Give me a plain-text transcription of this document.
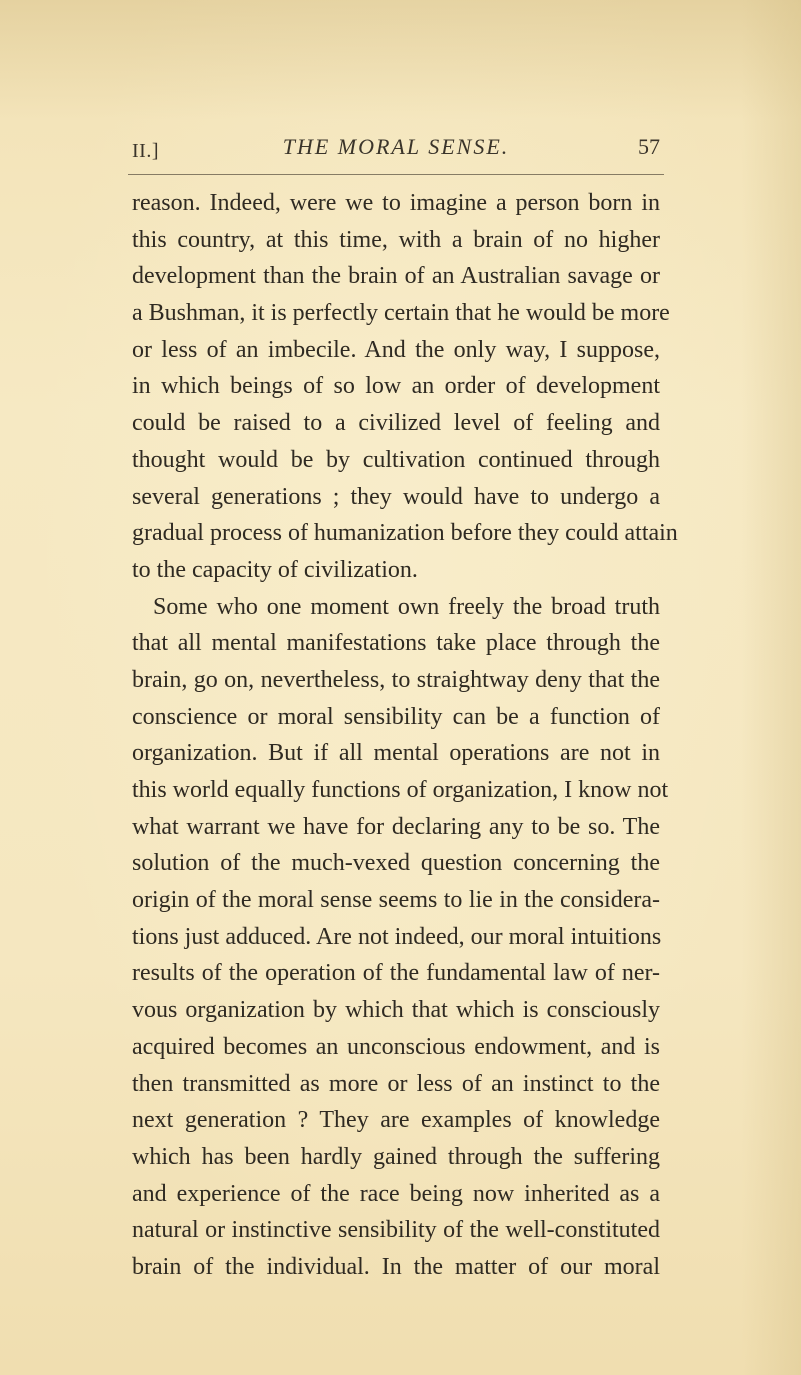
II.]	THE MORAL SENSE.	57
reason. Indeed, were we to imagine a person born in
this country, at this time, with a brain of no higher
development than the brain of an Australian savage or
a Bushman, it is perfectly certain that he would be more
or less of an imbecile. And the only way, I suppose,
in which beings of so low an order of development
could be raised to a civilized level of feeling and
thought would be by cultivation continued through
several generations ; they would have to undergo a
gradual process of humanization before they could attain
to the capacity of civilization.
Some who one moment own freely the broad truth
that all mental manifestations take place through the
brain, go on, nevertheless, to straightway deny that the
conscience or moral sensibility can be a function of
organization. But if all mental operations are not in
this world equally functions of organization, I know not
what warrant we have for declaring any to be so. The
solution of the much-vexed question concerning the
origin of the moral sense seems to lie in the considera-
tions just adduced. Are not indeed, our moral intuitions
results of the operation of the fundamental law of ner-
vous organization by which that which is consciously
acquired becomes an unconscious endowment, and is
then transmitted as more or less of an instinct to the
next generation ? They are examples of knowledge
which has been hardly gained through the suffering
and experience of the race being now inherited as a
natural or instinctive sensibility of the well-constituted
brain of the individual. In the matter of our moral
